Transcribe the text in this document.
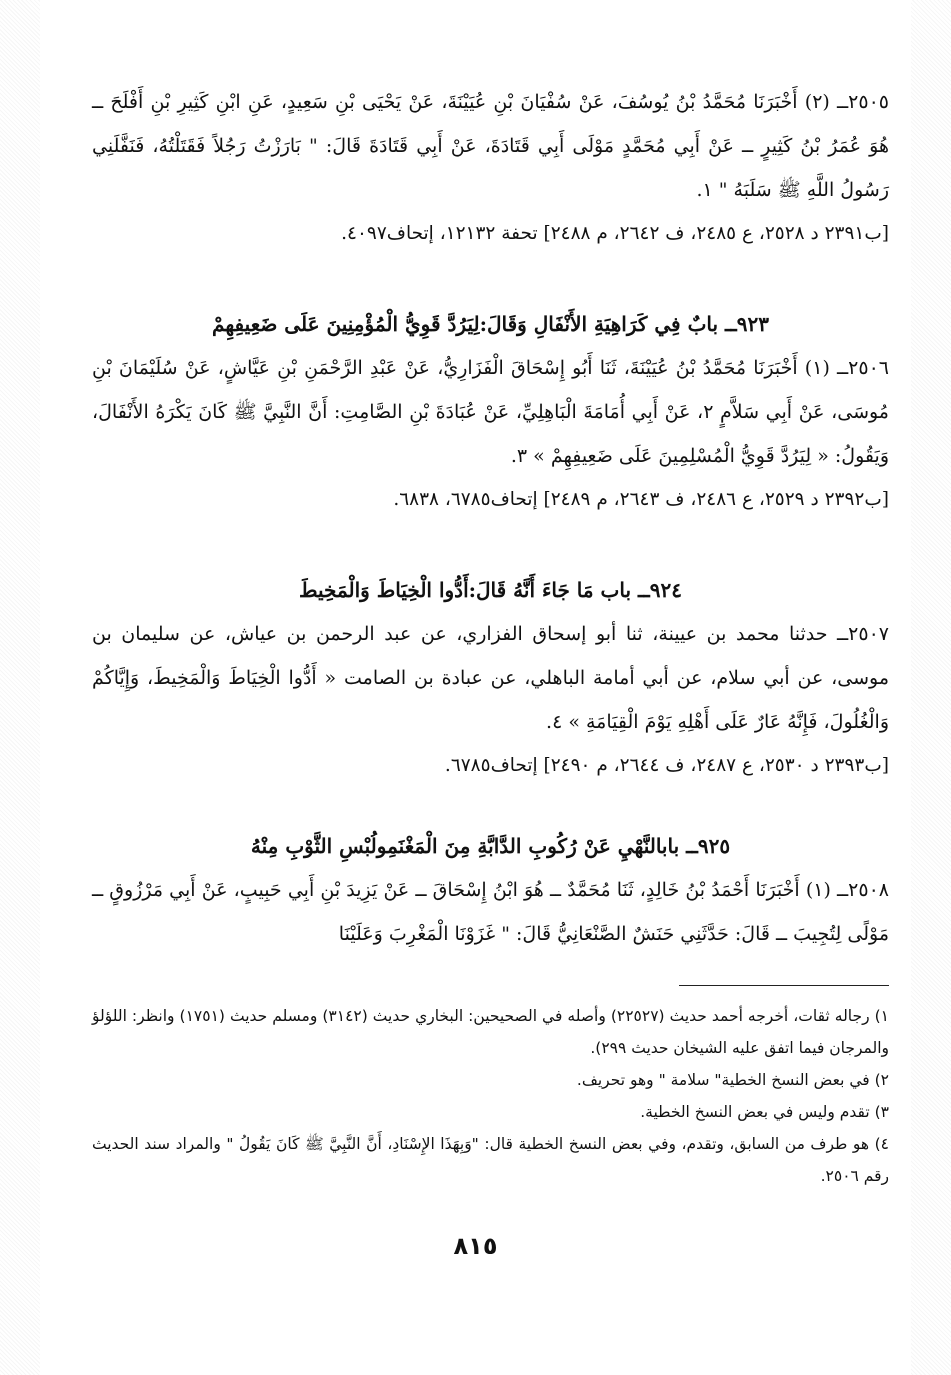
٢٥٠٥ــ (٢) أَخْبَرَنَا مُحَمَّدُ بْنُ يُوسُفَ، عَنْ سُفْيَانَ بْنِ عُيَيْنَةَ، عَنْ يَحْيَى بْنِ سَعِيدٍ، عَنِ ابْنِ كَثِيرِ بْنِ أَفْلَحَ ــ هُوَ عُمَرُ بْنُ كَثِيرٍ ــ عَنْ أَبِي مُحَمَّدٍ مَوْلَى أَبِي قَتَادَةَ، عَنْ أَبِي قَتَادَةَ قَالَ: " بَارَزْتُ رَجُلاً فَقَتَلْتُهُ، فَنَفَّلَنِي رَسُولُ اللَّهِ ﷺ سَلَبَهُ " ١.

[ب٢٣٩١ د ٢٥٢٨، ع ٢٤٨٥، ف ٢٦٤٢، م ٢٤٨٨] تحفة ١٢١٣٢، إتحاف٤٠٩٧.

٩٢٣ــ بابٌ فِي كَرَاهِيَةِ الأَنْفَالِ وَقَالَ:لِيَرُدَّ قَوِيُّ الْمُؤْمِنِينَ عَلَى ضَعِيفِهِمْ

٢٥٠٦ــ (١) أَخْبَرَنَا مُحَمَّدُ بْنُ عُيَيْنَةَ، ثَنَا أَبُو إِسْحَاقَ الْفَزَارِيُّ، عَنْ عَبْدِ الرَّحْمَنِ بْنِ عَيَّاشٍ، عَنْ سُلَيْمَانَ بْنِ مُوسَى، عَنْ أَبِي سَلاَّمٍ ٢، عَنْ أَبِي أُمَامَةَ الْبَاهِلِيِّ، عَنْ عُبَادَةَ بْنِ الصَّامِتِ: أَنَّ النَّبِيَّ ﷺ كَانَ يَكْرَهُ الأَنْفَالَ، وَيَقُولُ: « لِيَرُدَّ قَوِيُّ الْمُسْلِمِينَ عَلَى ضَعِيفِهِمْ » ٣.

[ب٢٣٩٢ د ٢٥٢٩، ع ٢٤٨٦، ف ٢٦٤٣، م ٢٤٨٩] إتحاف٦٧٨٥، ٦٨٣٨.

٩٢٤ــ باب مَا جَاءَ أَنَّهُ قَالَ:أَدُّوا الْخِيَاطَ وَالْمَخِيطَ

٢٥٠٧ــ حدثنا محمد بن عيينة، ثنا أبو إسحاق الفزاري، عن عبد الرحمن بن عياش، عن سليمان بن موسى، عن أبي سلام، عن أبي أمامة الباهلي، عن عبادة بن الصامت « أَدُّوا الْخِيَاطَ وَالْمَخِيطَ، وَإِيَّاكُمْ وَالْغُلُولَ، فَإِنَّهُ عَارٌ عَلَى أَهْلِهِ يَوْمَ الْقِيَامَةِ » ٤.

[ب٢٣٩٣ د ٢٥٣٠، ع ٢٤٨٧، ف ٢٦٤٤، م ٢٤٩٠] إتحاف٦٧٨٥.

٩٢٥ــ بابالنَّهْيِ عَنْ رُكُوبِ الدَّابَّةِ مِنَ الْمَغْنَمِولُبْسِ الثَّوْبِ مِنْهُ

٢٥٠٨ــ (١) أَخْبَرَنَا أَحْمَدُ بْنُ خَالِدٍ، ثَنَا مُحَمَّدٌ ــ هُوَ ابْنُ إِسْحَاقَ ــ عَنْ يَزِيدَ بْنِ أَبِي حَبِيبٍ، عَنْ أَبِي مَرْزُوقٍ ــ مَوْلًى لِتُجِيبَ ــ قَالَ: حَدَّثَنِي حَنَشٌ الصَّنْعَانِيُّ قَالَ: " غَزَوْنَا الْمَغْرِبَ وَعَلَيْنَا

١) رجاله ثقات، أخرجه أحمد حديث (٢٢٥٢٧) وأصله في الصحيحين: البخاري حديث (٣١٤٢) ومسلم حديث (١٧٥١) وانظر: اللؤلؤ والمرجان فيما اتفق عليه الشيخان حديث ٢٩٩).

٢) في بعض النسخ الخطية" سلامة " وهو تحريف.

٣) تقدم وليس في بعض النسخ الخطية.

٤) هو طرف من السابق، وتقدم، وفي بعض النسخ الخطية قال: "وَبِهَذَا الإِسْنَادِ، أَنَّ النَّبِيَّ ﷺ كَانَ يَقُولُ " والمراد سند الحديث رقم ٢٥٠٦.

٨١٥
